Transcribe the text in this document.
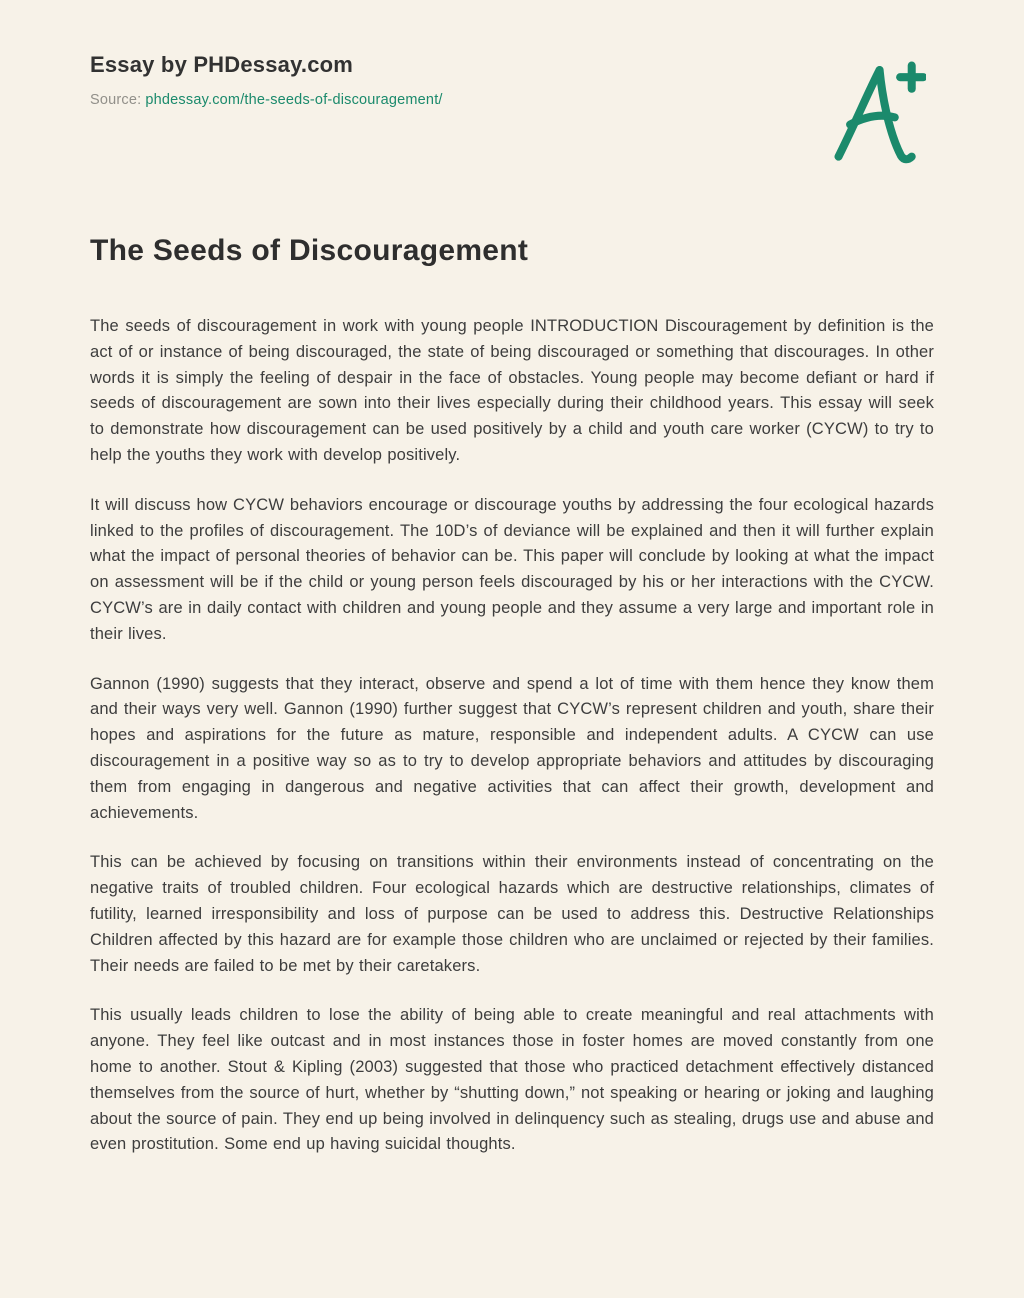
Essay by PHDessay.com
Source: phdessay.com/the-seeds-of-discouragement/
The Seeds of Discouragement

The seeds of discouragement in work with young people INTRODUCTION Discouragement by definition is the act of or instance of being discouraged, the state of being discouraged or something that discourages. In other words it is simply the feeling of despair in the face of obstacles. Young people may become defiant or hard if seeds of discouragement are sown into their lives especially during their childhood years. This essay will seek to demonstrate how discouragement can be used positively by a child and youth care worker (CYCW) to try to help the youths they work with develop positively.

It will discuss how CYCW behaviors encourage or discourage youths by addressing the four ecological hazards linked to the profiles of discouragement. The 10D’s of deviance will be explained and then it will further explain what the impact of personal theories of behavior can be. This paper will conclude by looking at what the impact on assessment will be if the child or young person feels discouraged by his or her interactions with the CYCW. CYCW’s are in daily contact with children and young people and they assume a very large and important role in their lives.

Gannon (1990) suggests that they interact, observe and spend a lot of time with them hence they know them and their ways very well. Gannon (1990) further suggest that CYCW’s represent children and youth, share their hopes and aspirations for the future as mature, responsible and independent adults. A CYCW can use discouragement in a positive way so as to try to develop appropriate behaviors and attitudes by discouraging them from engaging in dangerous and negative activities that can affect their growth, development and achievements.

This can be achieved by focusing on transitions within their environments instead of concentrating on the negative traits of troubled children. Four ecological hazards which are destructive relationships, climates of futility, learned irresponsibility and loss of purpose can be used to address this. Destructive Relationships Children affected by this hazard are for example those children who are unclaimed or rejected by their families. Their needs are failed to be met by their caretakers.

This usually leads children to lose the ability of being able to create meaningful and real attachments with anyone. They feel like outcast and in most instances those in foster homes are moved constantly from one home to another. Stout & Kipling (2003) suggested that those who practiced detachment effectively distanced themselves from the source of hurt, whether by “shutting down,” not speaking or hearing or joking and laughing about the source of pain. They end up being involved in delinquency such as stealing, drugs use and abuse and even prostitution. Some end up having suicidal thoughts.
